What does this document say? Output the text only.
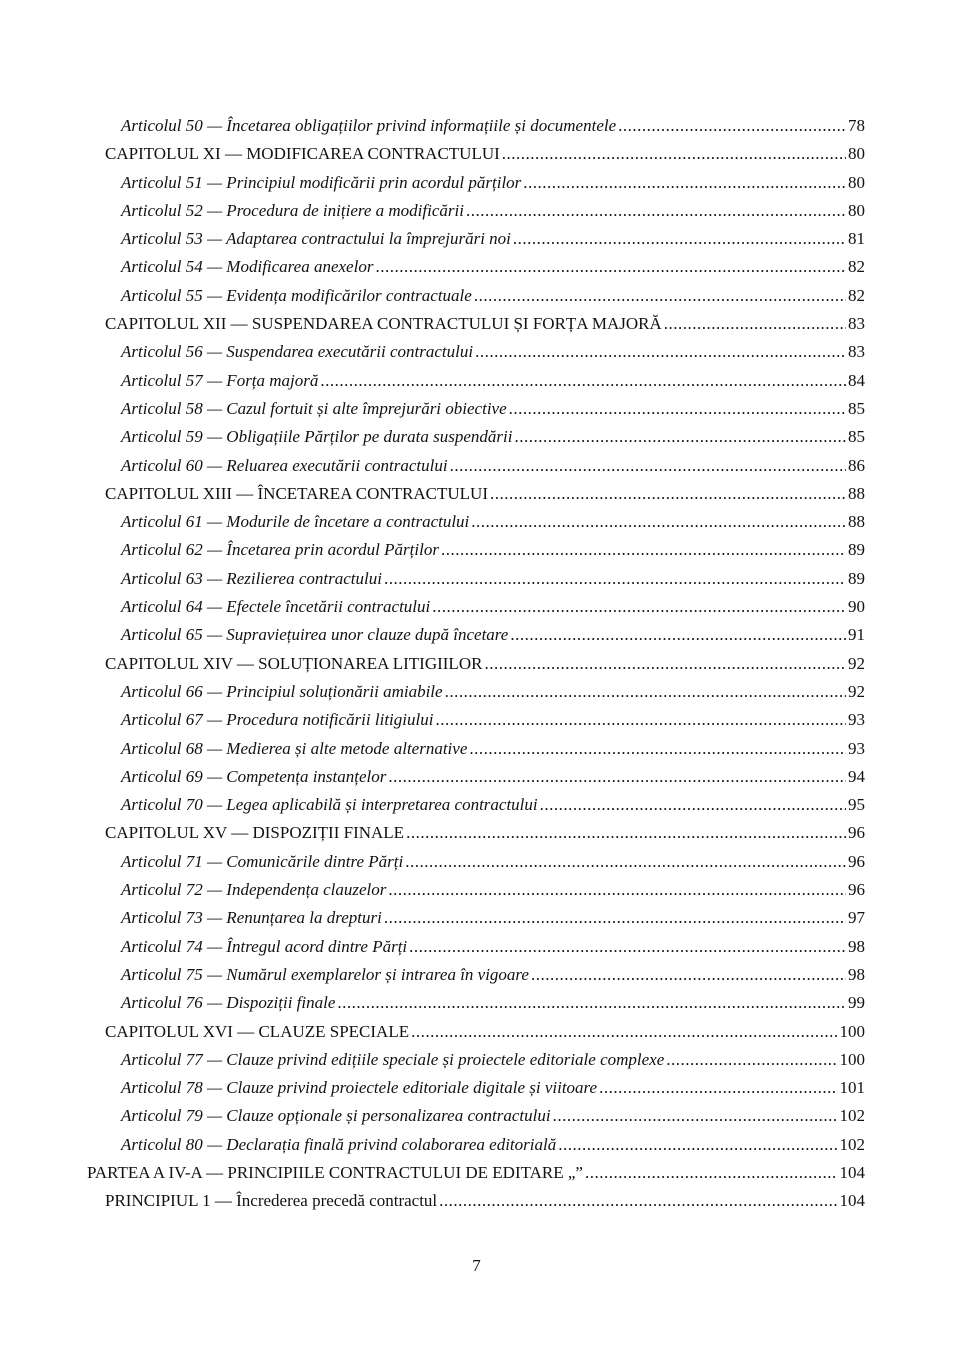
Articolul 50 — Încetarea obligațiilor privind informațiile și documentele .....	78
CAPITOLUL XI — MODIFICAREA CONTRACTULUI .....	80
Articolul 51 — Principiul modificării prin acordul părților .....	80
Articolul 52 — Procedura de inițiere a modificării .....	80
Articolul 53 — Adaptarea contractului la împrejurări noi .....	81
Articolul 54 — Modificarea anexelor .....	82
Articolul 55 — Evidența modificărilor contractuale .....	82
CAPITOLUL XII — SUSPENDAREA CONTRACTULUI ȘI FORȚA MAJORĂ .....	83
Articolul 56 — Suspendarea executării contractului .....	83
Articolul 57 — Forța majoră .....	84
Articolul 58 — Cazul fortuit și alte împrejurări obiective .....	85
Articolul 59 — Obligațiile Părților pe durata suspendării .....	85
Articolul 60 — Reluarea executării contractului .....	86
CAPITOLUL XIII — ÎNCETAREA CONTRACTULUI .....	88
Articolul 61 — Modurile de încetare a contractului .....	88
Articolul 62 — Încetarea prin acordul Părților .....	89
Articolul 63 — Rezilierea contractului .....	89
Articolul 64 — Efectele încetării contractului .....	90
Articolul 65 — Supraviețuirea unor clauze după încetare .....	91
CAPITOLUL XIV — SOLUȚIONAREA LITIGIILOR .....	92
Articolul 66 — Principiul soluționării amiabile .....	92
Articolul 67 — Procedura notificării litigiului .....	93
Articolul 68 — Medierea și alte metode alternative .....	93
Articolul 69 — Competența instanțelor .....	94
Articolul 70 — Legea aplicabilă și interpretarea contractului .....	95
CAPITOLUL XV — DISPOZIȚII FINALE .....	96
Articolul 71 — Comunicările dintre Părți .....	96
Articolul 72 — Independența clauzelor .....	96
Articolul 73 — Renunțarea la drepturi .....	97
Articolul 74 — Întregul acord dintre Părți .....	98
Articolul 75 — Numărul exemplarelor și intrarea în vigoare .....	98
Articolul 76 — Dispoziții finale .....	99
CAPITOLUL XVI — CLAUZE SPECIALE .....	100
Articolul 77 — Clauze privind edițiile speciale și proiectele editoriale complexe .....	100
Articolul 78 — Clauze privind proiectele editoriale digitale și viitoare .....	101
Articolul 79 — Clauze opționale și personalizarea contractului .....	102
Articolul 80 — Declarația finală privind colaborarea editorială .....	102
PARTEA A IV-A — PRINCIPIILE CONTRACTULUI DE EDITARE „” .....	104
PRINCIPIUL 1 — Încrederea precedă contractul .....	104
7
